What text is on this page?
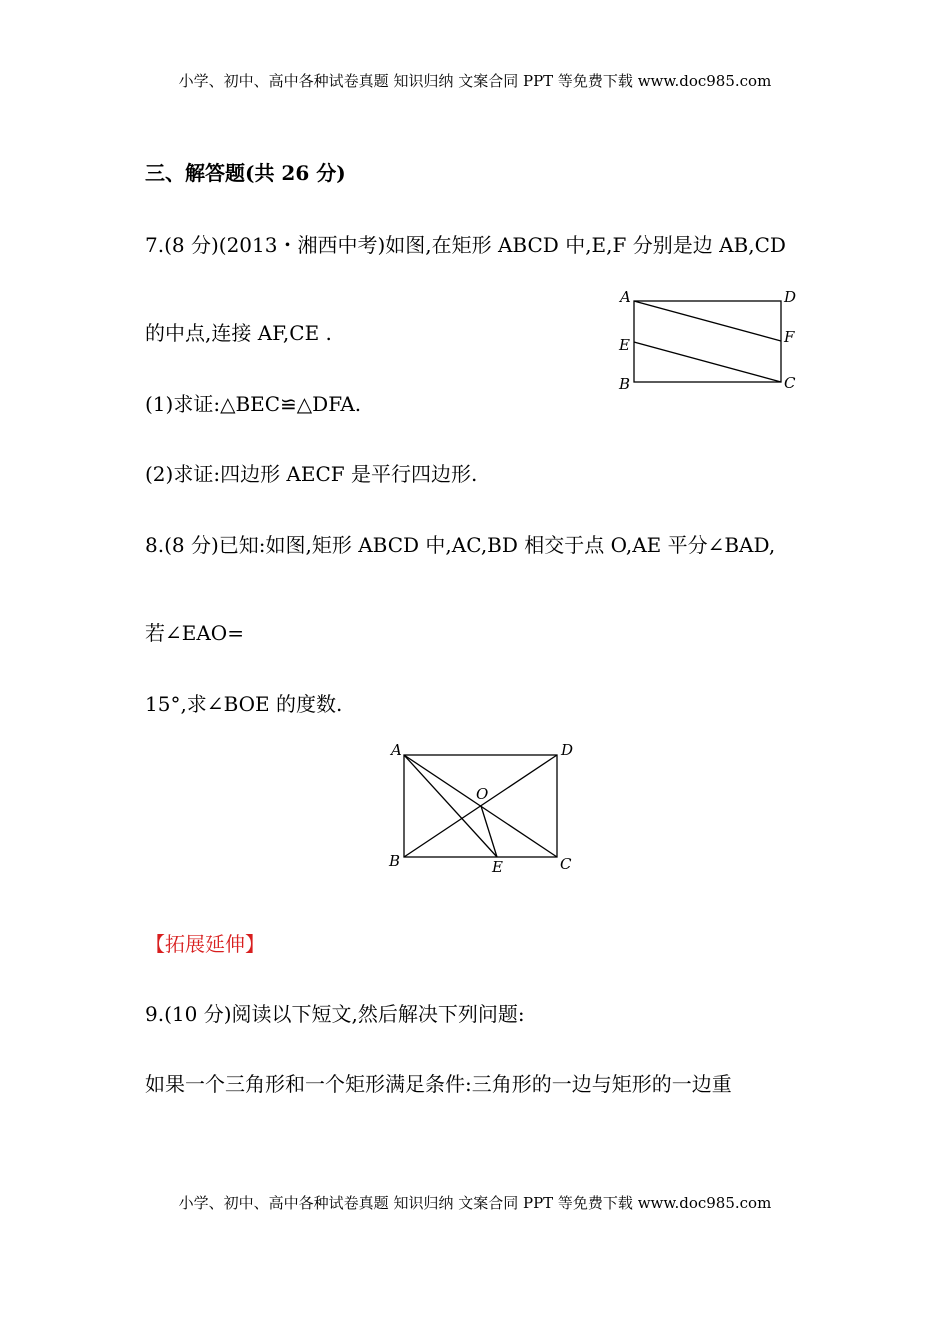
小学、初中、高中各种试卷真题 知识归纳 文案合同 PPT 等免费下载 www.doc985.com
三、解答题(共 26 分)
7.(8 分)(2013・湘西中考)如图,在矩形 ABCD 中,E,F 分别是边 AB,CD
的中点,连接 AF,CE .
(1)求证:△BEC≌△DFA.
(2)求证:四边形 AECF 是平行四边形.
A	D
E	F
B	C
8.(8 分)已知:如图,矩形 ABCD 中,AC,BD 相交于点 O,AE 平分∠BAD,
若∠EAO=
15°,求∠BOE 的度数.
A	D
O
B	E	C
【拓展延伸】
9.(10 分)阅读以下短文,然后解决下列问题:
如果一个三角形和一个矩形满足条件:三角形的一边与矩形的一边重
小学、初中、高中各种试卷真题 知识归纳 文案合同 PPT 等免费下载 www.doc985.com
